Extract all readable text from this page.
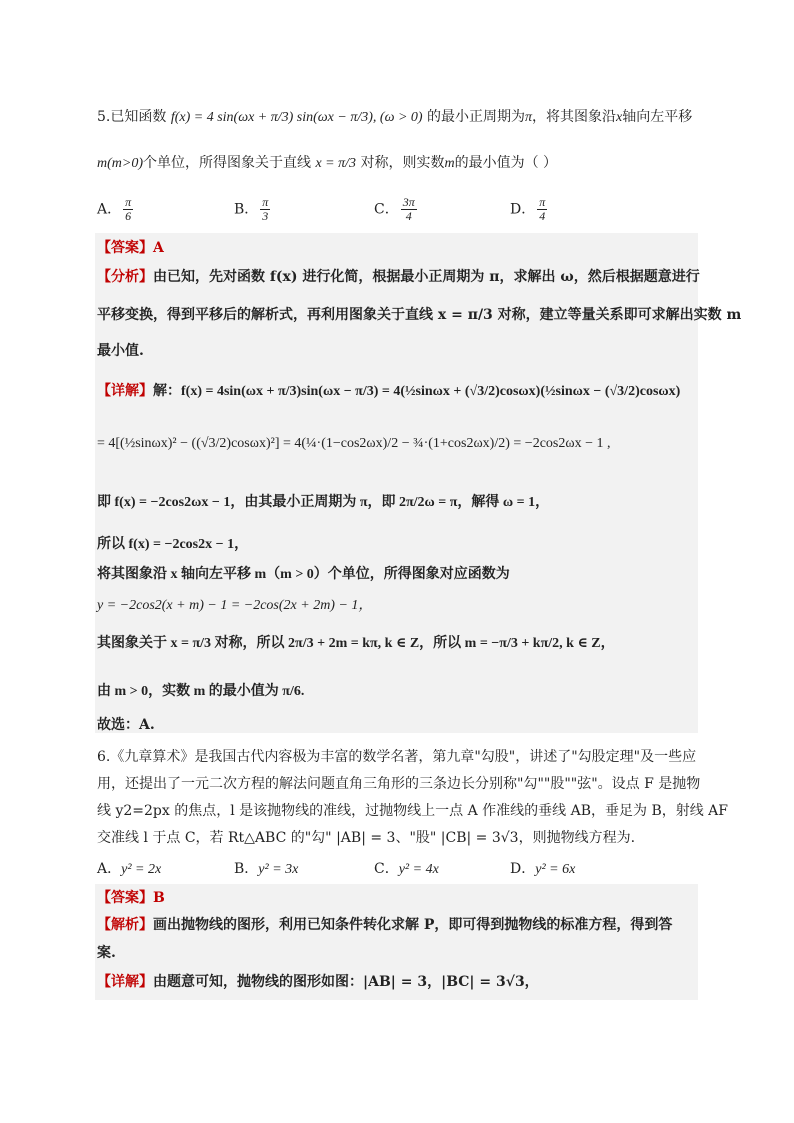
5.已知函数 f(x) = 4 sin(ωx + π/3) sin(ωx − π/3), (ω > 0) 的最小正周期为π，将其图象沿x轴向左平移
m(m>0)个单位，所得图象关于直线 x = π/3 对称，则实数m的最小值为（ ）
A． $\frac{\pi}{6}$	B． $\frac{\pi}{3}$	C． $\frac{3\pi}{4}$	D． $\frac{\pi}{4}$
【答案】A
【分析】由已知，先对函数 f(x) 进行化简，根据最小正周期为 π，求解出 ω，然后根据题意进行
平移变换，得到平移后的解析式，再利用图象关于直线 x = π/3 对称，建立等量关系即可求解出实数 m
最小值.
【详解】解：f(x) = 4sin(ωx + π/3)sin(ωx − π/3) = 4(½sinωx + (√3/2)cosωx)(½sinωx − (√3/2)cosωx)
= 4[(½sinωx)² − ((√3/2)cosωx)²] = 4(¼·(1−cos2ωx)/2 − ¾·(1+cos2ωx)/2) = −2cos2ωx − 1 ,
即 f(x) = −2cos2ωx − 1，由其最小正周期为 π，即 2π/2ω = π，解得 ω = 1，
所以 f(x) = −2cos2x − 1，
将其图象沿 x 轴向左平移 m（m > 0）个单位，所得图象对应函数为
y = −2cos2(x + m) − 1 = −2cos(2x + 2m) − 1，
其图象关于 x = π/3 对称，所以 2π/3 + 2m = kπ, k ∈ Z，所以 m = −π/3 + kπ/2, k ∈ Z，
由 m > 0，实数 m 的最小值为 π/6.
故选：A.
6.《九章算术》是我国古代内容极为丰富的数学名著，第九章"勾股"，讲述了"勾股定理"及一些应
用，还提出了一元二次方程的解法问题直角三角形的三条边长分别称"勾""股""弦"。设点 F 是抛物
线 y2=2px 的焦点，l 是该抛物线的准线，过抛物线上一点 A 作准线的垂线 AB，垂足为 B，射线 AF
交准线 l 于点 C，若 Rt△ABC 的"勾" |AB| = 3、"股" |CB| = 3√3，则抛物线方程为.
A．y² = 2x	B．y² = 3x	C．y² = 4x	D．y² = 6x
【答案】B
【解析】画出抛物线的图形，利用已知条件转化求解 P，即可得到抛物线的标准方程，得到答
案.
【详解】由题意可知，抛物线的图形如图：|AB| = 3，|BC| = 3√3，
